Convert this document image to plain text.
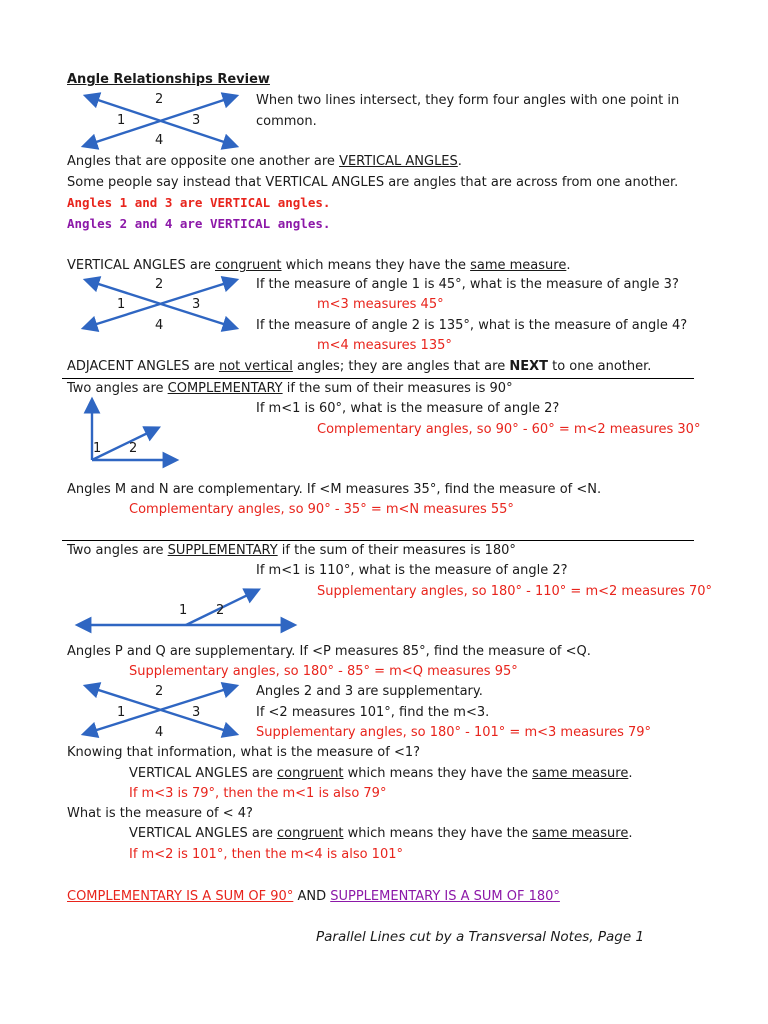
Angle Relationships Review
2
1	3
4
When two lines intersect, they form four angles with one point in
common.
Angles that are opposite one another are VERTICAL ANGLES.
Some people say instead that VERTICAL ANGLES are angles that are across from one another.
Angles 1 and 3 are VERTICAL angles.
Angles 2 and 4 are VERTICAL angles.
VERTICAL ANGLES are congruent which means they have the same measure.
2
1	3
4
If the measure of angle 1 is 45°, what is the measure of angle 3?
m<3 measures 45°
If the measure of angle 2 is 135°, what is the measure of angle 4?
m<4 measures 135°
ADJACENT ANGLES are not vertical angles; they are angles that are NEXT to one another.
Two angles are COMPLEMENTARY if the sum of their measures is 90°
If m<1 is 60°, what is the measure of angle 2?
Complementary angles, so 90° - 60° = m<2 measures 30°
1 2
Angles M and N are complementary. If <M measures 35°, find the measure of <N.
Complementary angles, so 90° - 35° = m<N measures 55°
Two angles are SUPPLEMENTARY if the sum of their measures is 180°
If m<1 is 110°, what is the measure of angle 2?
Supplementary angles, so 180° - 110° = m<2 measures 70°
1 2
Angles P and Q are supplementary. If <P measures 85°, find the measure of <Q.
Supplementary angles, so 180° - 85° = m<Q measures 95°
2
1	3
4
Angles 2 and 3 are supplementary.
If <2 measures 101°, find the m<3.
Supplementary angles, so 180° - 101° = m<3 measures 79°
Knowing that information, what is the measure of <1?
VERTICAL ANGLES are congruent which means they have the same measure.
If m<3 is 79°, then the m<1 is also 79°
What is the measure of < 4?
VERTICAL ANGLES are congruent which means they have the same measure.
If m<2 is 101°, then the m<4 is also 101°
COMPLEMENTARY IS A SUM OF 90° AND SUPPLEMENTARY IS A SUM OF 180°
Parallel Lines cut by a Transversal Notes, Page 1
